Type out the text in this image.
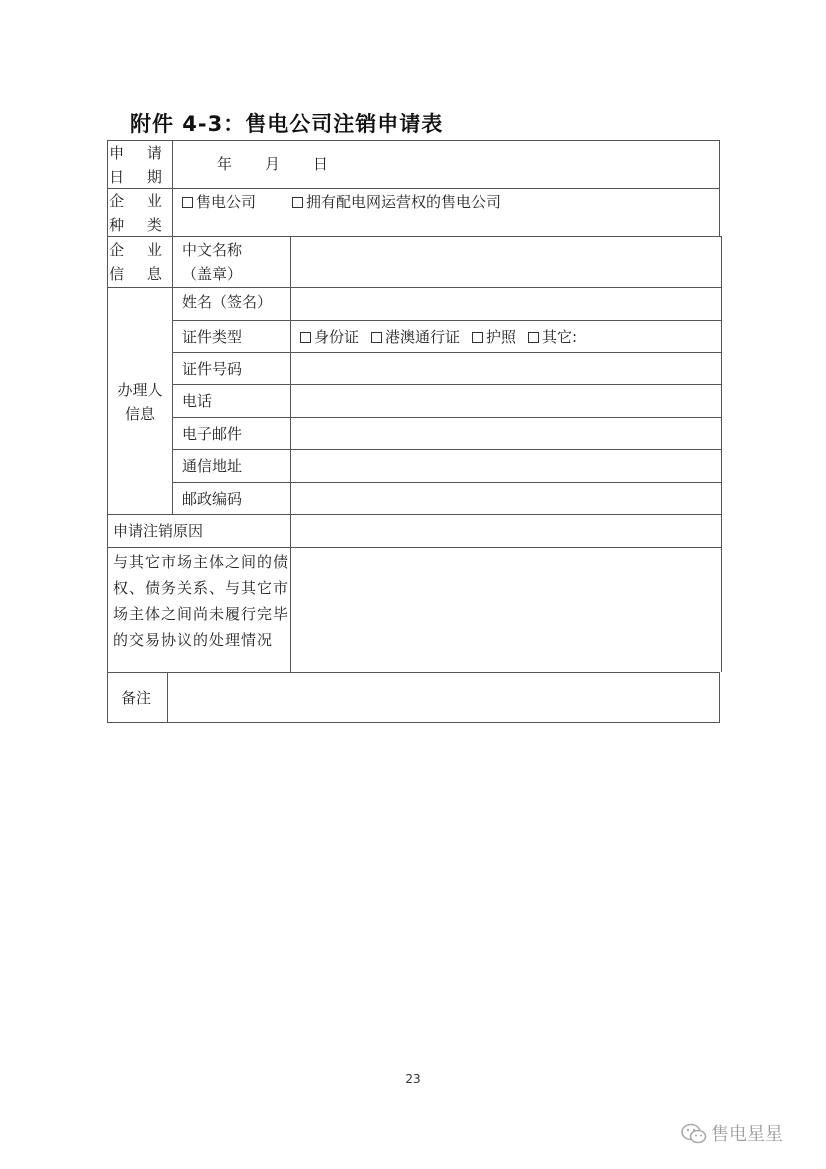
附件 4-3：售电公司注销申请表
申 请
日 期
年　　月　　日
企 业
种 类
售电公司	拥有配电网运营权的售电公司
企 业
信 息
中文名称
（盖章）
办理人
信息
姓名（签名）
证件类型	身份证 港澳通行证 护照 其它:
证件号码
电话
电子邮件
通信地址
邮政编码
申请注销原因
与其它市场主体之间的债权、债务关系、与其它市场主体之间尚未履行完毕的交易协议的处理情况
备注
23
售电星星
